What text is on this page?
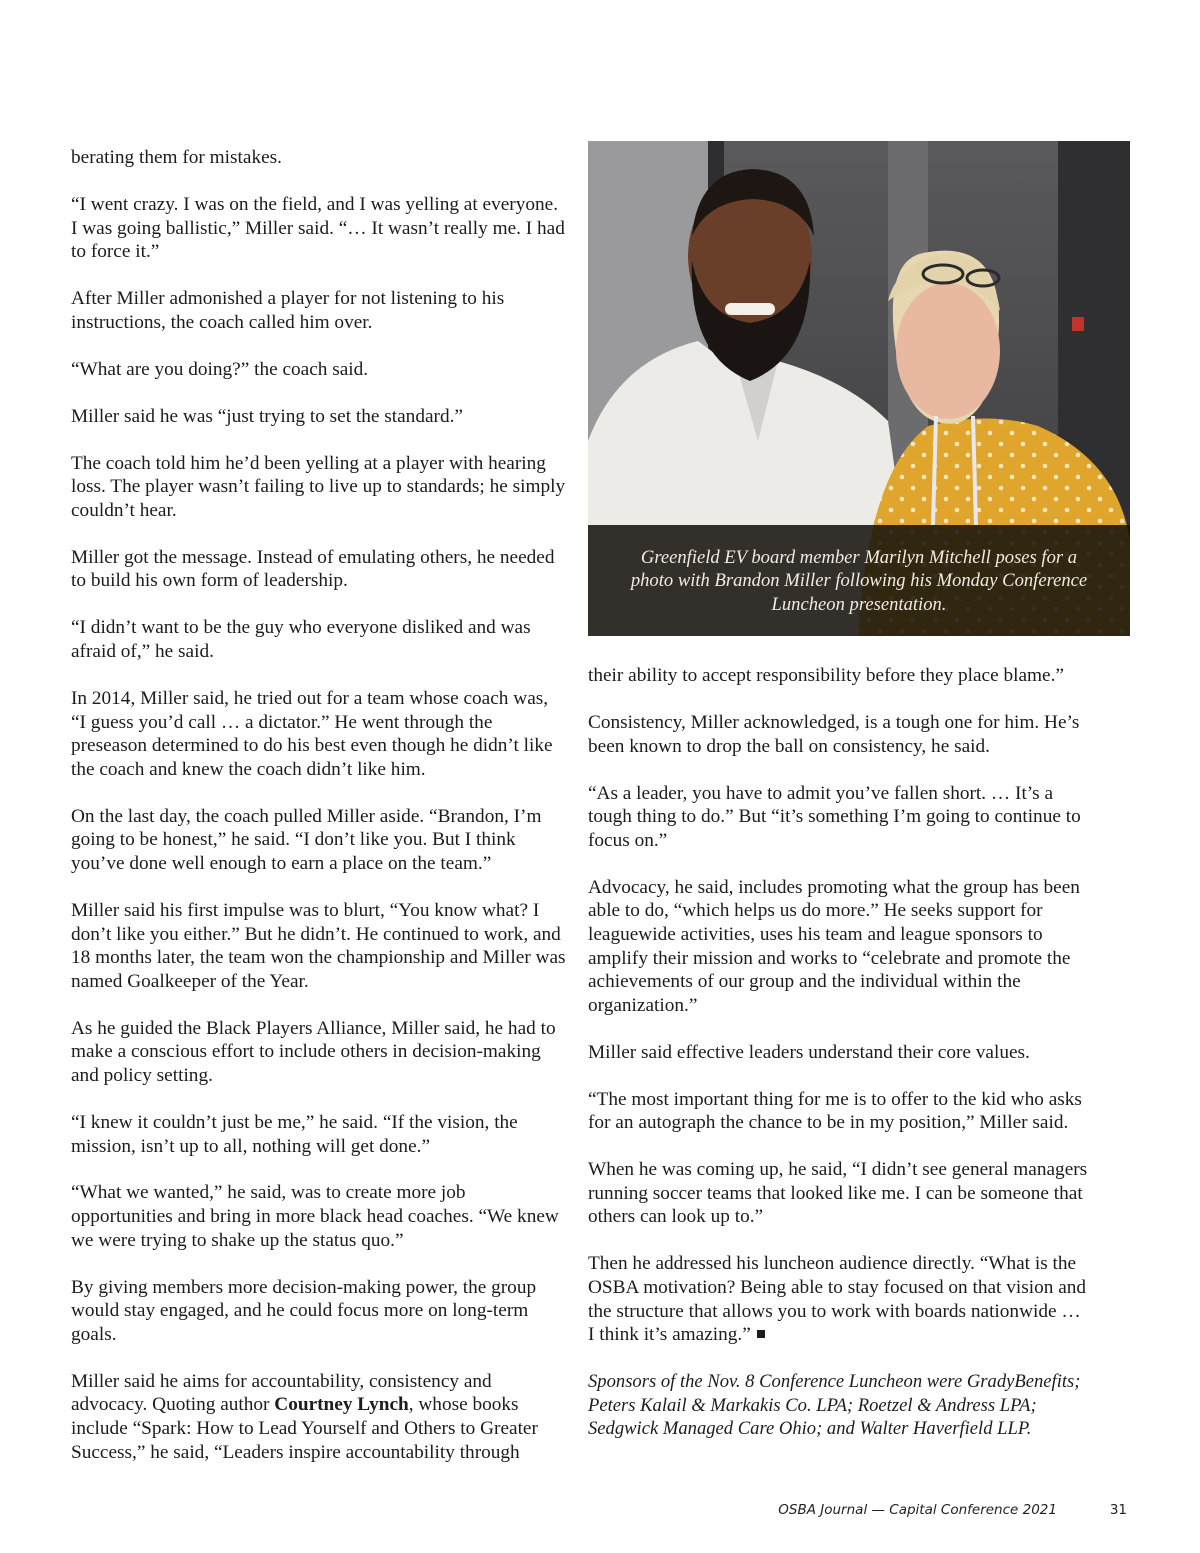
berating them for mistakes.

“I went crazy. I was on the field, and I was yelling at everyone. I was going ballistic,” Miller said. “… It wasn’t really me. I had to force it.”

After Miller admonished a player for not listening to his instructions, the coach called him over.

“What are you doing?” the coach said.

Miller said he was “just trying to set the standard.”

The coach told him he’d been yelling at a player with hearing loss. The player wasn’t failing to live up to standards; he simply couldn’t hear.

Miller got the message. Instead of emulating others, he needed to build his own form of leadership.

“I didn’t want to be the guy who everyone disliked and was afraid of,” he said.

In 2014, Miller said, he tried out for a team whose coach was, “I guess you’d call … a dictator.” He went through the preseason determined to do his best even though he didn’t like the coach and knew the coach didn’t like him.

On the last day, the coach pulled Miller aside. “Brandon, I’m going to be honest,” he said. “I don’t like you. But I think you’ve done well enough to earn a place on the team.”

Miller said his first impulse was to blurt, “You know what? I don’t like you either.” But he didn’t. He continued to work, and 18 months later, the team won the championship and Miller was named Goalkeeper of the Year.

As he guided the Black Players Alliance, Miller said, he had to make a conscious effort to include others in decision-making and policy setting.

“I knew it couldn’t just be me,” he said. “If the vision, the mission, isn’t up to all, nothing will get done.”

“What we wanted,” he said, was to create more job opportunities and bring in more black head coaches. “We knew we were trying to shake up the status quo.”

By giving members more decision-making power, the group would stay engaged, and he could focus more on long-term goals.

Miller said he aims for accountability, consistency and advocacy. Quoting author Courtney Lynch, whose books include “Spark: How to Lead Yourself and Others to Greater Success,” he said, “Leaders inspire accountability through

Greenfield EV board member Marilyn Mitchell poses for a photo with Brandon Miller following his Monday Conference Luncheon presentation.

their ability to accept responsibility before they place blame.”

Consistency, Miller acknowledged, is a tough one for him. He’s been known to drop the ball on consistency, he said.

“As a leader, you have to admit you’ve fallen short. … It’s a tough thing to do.” But “it’s something I’m going to continue to focus on.”

Advocacy, he said, includes promoting what the group has been able to do, “which helps us do more.” He seeks support for leaguewide activities, uses his team and league sponsors to amplify their mission and works to “celebrate and promote the achievements of our group and the individual within the organization.”

Miller said effective leaders understand their core values.

“The most important thing for me is to offer to the kid who asks for an autograph the chance to be in my position,” Miller said.

When he was coming up, he said, “I didn’t see general managers running soccer teams that looked like me. I can be someone that others can look up to.”

Then he addressed his luncheon audience directly. “What is the OSBA motivation? Being able to stay focused on that vision and the structure that allows you to work with boards nationwide … I think it’s amazing.”

Sponsors of the Nov. 8 Conference Luncheon were GradyBenefits; Peters Kalail & Markakis Co. LPA; Roetzel & Andress LPA; Sedgwick Managed Care Ohio; and Walter Haverfield LLP.

OSBA Journal — Capital Conference 2021	31
